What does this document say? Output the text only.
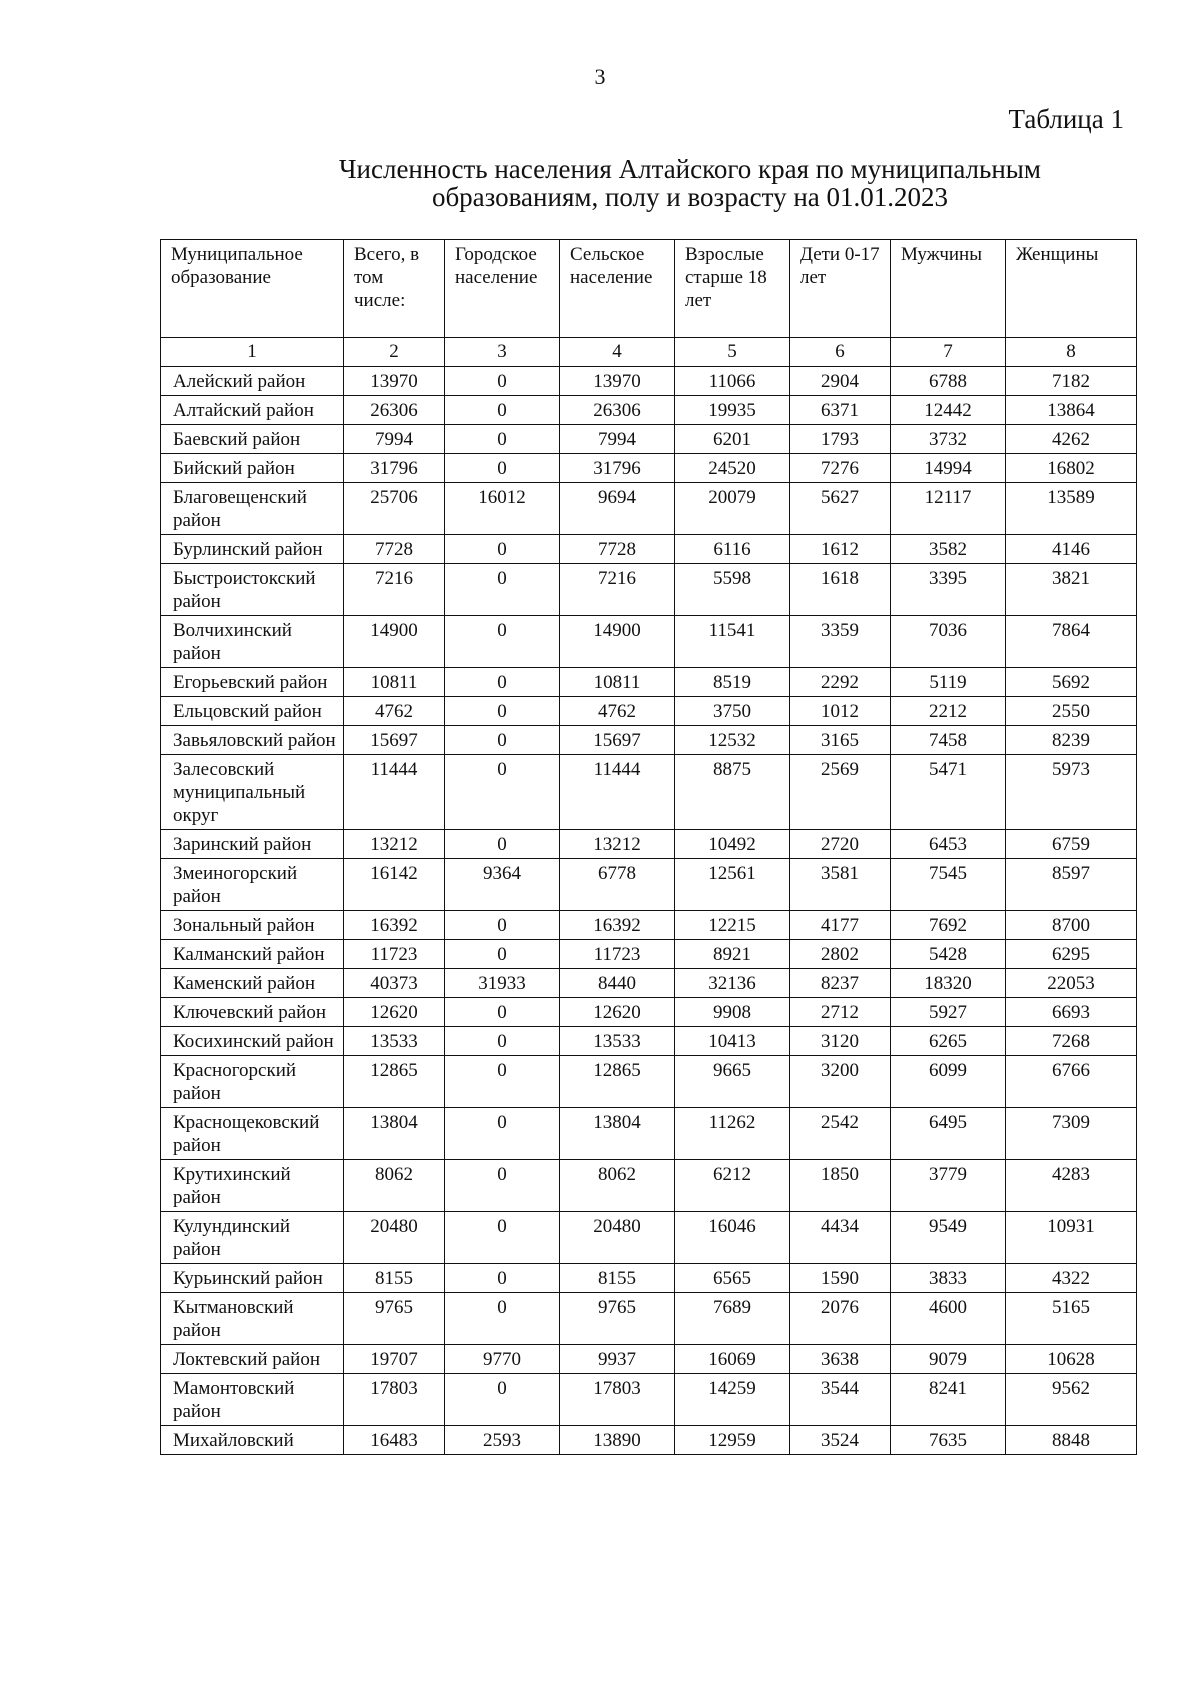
3
Таблица 1
Численность населения Алтайского края по муниципальным
образованиям, полу и возрасту на 01.01.2023
Муниципальное образование	Всего, в том числе:	Городское население	Сельское население	Взрослые старше 18 лет	Дети 0-17 лет	Мужчины	Женщины
1	2	3	4	5	6	7	8
Алейский район	13970	0	13970	11066	2904	6788	7182
Алтайский район	26306	0	26306	19935	6371	12442	13864
Баевский район	7994	0	7994	6201	1793	3732	4262
Бийский район	31796	0	31796	24520	7276	14994	16802
Благовещенский район	25706	16012	9694	20079	5627	12117	13589
Бурлинский район	7728	0	7728	6116	1612	3582	4146
Быстроистокский район	7216	0	7216	5598	1618	3395	3821
Волчихинский район	14900	0	14900	11541	3359	7036	7864
Егорьевский район	10811	0	10811	8519	2292	5119	5692
Ельцовский район	4762	0	4762	3750	1012	2212	2550
Завьяловский район	15697	0	15697	12532	3165	7458	8239
Залесовский муниципальный округ	11444	0	11444	8875	2569	5471	5973
Заринский район	13212	0	13212	10492	2720	6453	6759
Змеиногорский район	16142	9364	6778	12561	3581	7545	8597
Зональный район	16392	0	16392	12215	4177	7692	8700
Калманский район	11723	0	11723	8921	2802	5428	6295
Каменский район	40373	31933	8440	32136	8237	18320	22053
Ключевский район	12620	0	12620	9908	2712	5927	6693
Косихинский район	13533	0	13533	10413	3120	6265	7268
Красногорский район	12865	0	12865	9665	3200	6099	6766
Краснощековский район	13804	0	13804	11262	2542	6495	7309
Крутихинский район	8062	0	8062	6212	1850	3779	4283
Кулундинский район	20480	0	20480	16046	4434	9549	10931
Курьинский район	8155	0	8155	6565	1590	3833	4322
Кытмановский район	9765	0	9765	7689	2076	4600	5165
Локтевский район	19707	9770	9937	16069	3638	9079	10628
Мамонтовский район	17803	0	17803	14259	3544	8241	9562
Михайловский	16483	2593	13890	12959	3524	7635	8848
